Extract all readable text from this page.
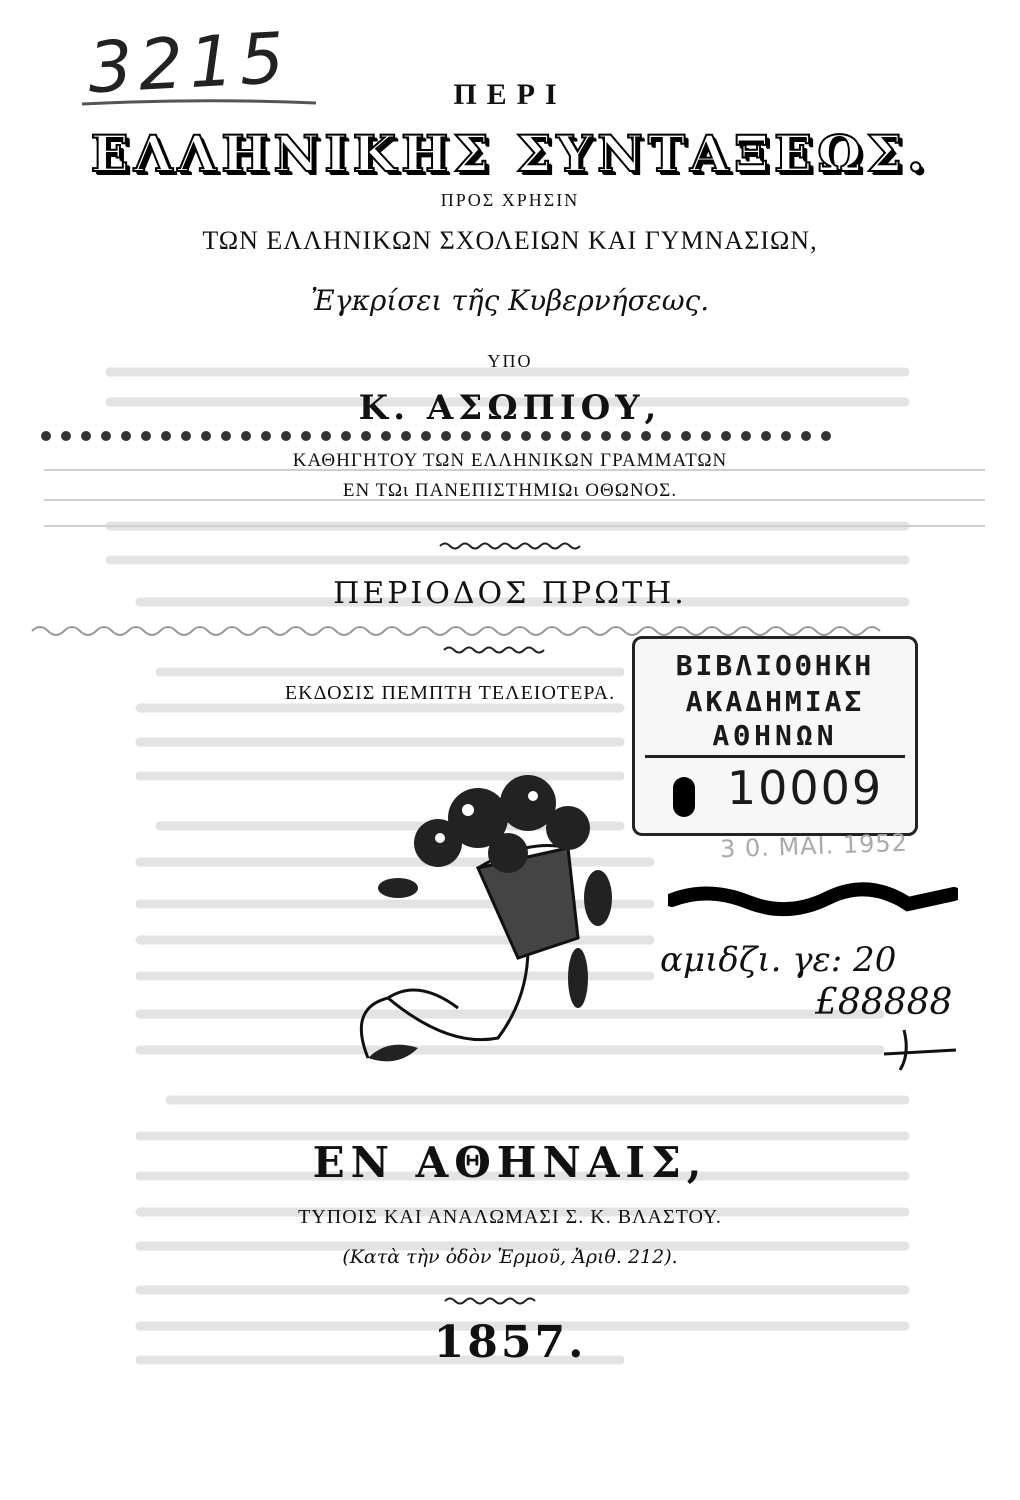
3215	ΠΕΡΙ
ΕΛΛΗΝΙΚΗΣ ΣΥΝΤΑΞΕΩΣ.
ΠΡΟΣ ΧΡΗΣΙΝ
ΤΩΝ ΕΛΛΗΝΙΚΩΝ ΣΧΟΛΕΙΩΝ ΚΑΙ ΓΥΜΝΑΣΙΩΝ,
Ἐγκρίσει τῆς Κυβερνήσεως.
ΥΠΟ
Κ. ΑΣΩΠΙΟΥ,
ΚΑΘΗΓΗΤΟΥ ΤΩΝ ΕΛΛΗΝΙΚΩΝ ΓΡΑΜΜΑΤΩΝ
ΕΝ ΤΩι ΠΑΝΕΠΙΣΤΗΜΙΩι ΟΘΩΝΟΣ.
ΠΕΡΙΟΔΟΣ ΠΡΩΤΗ.
ΕΚΔΟΣΙΣ ΠΕΜΠΤΗ ΤΕΛΕΙΟΤΕΡΑ.
ΕΝ ΑΘΗΝΑΙΣ,
ΤΥΠΟΙΣ ΚΑΙ ΑΝΑΛΩΜΑΣΙ Σ. Κ. ΒΛΑΣΤΟΥ.
(Κατὰ τὴν ὁδὸν Ἑρμοῦ, Ἀριθ. 212).
1857.
ΒΙΒΛΙΟΘΗΚΗ
ΑΚΑΔΗΜΙΑΣ
ΑΘΗΝΩΝ
10009
3 0. ΜΑΙ. 1952
αμιδζι. γε: 20
£88888
